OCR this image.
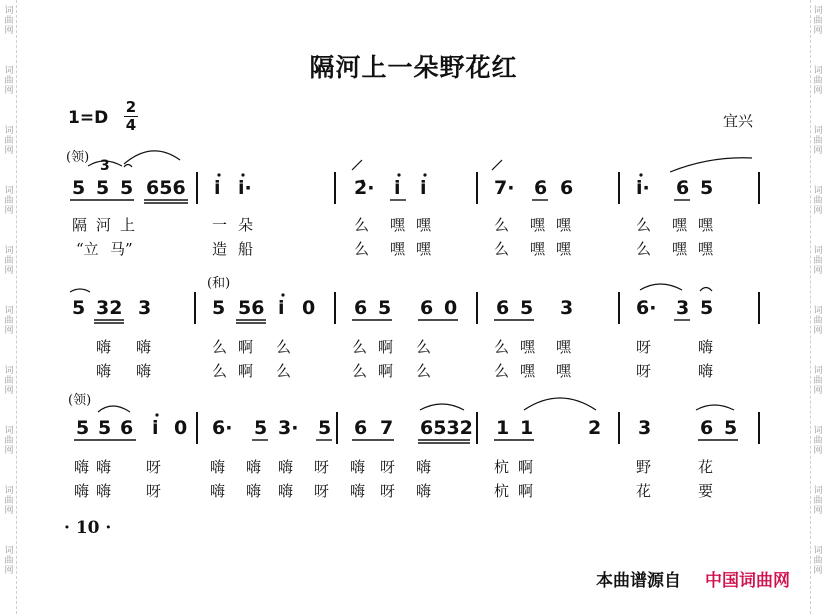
词
曲
网
词
曲
网
词
曲
网
词
曲
网
词
曲
网
词
曲
网
词
曲
网
词
曲
网
词
曲
网
词
曲
网
词
曲
网
词
曲
网
词
曲
网
词
曲
网
词
曲
网
词
曲
网
词
曲
网
词
曲
网
词
曲
网
词
曲
网
隔河上一朵野花红
1=D
2
4	宜兴
(领)
(和)
(领)
3
5 5 5 656 i i·	2̇· i i	7· 6 6	i· 6 5
隔 河 上	一 朵	么 嘿 嘿	么 嘿 嘿	么 嘿 嘿
“立 马”	造 船	么 嘿 嘿	么 嘿 嘿	么 嘿 嘿
5 32 3	5 56 i 0 6 5 6 0 6 5 3	6· 3 5
嗨 嗨	么 啊 么	么 啊 么	么 嘿 嘿	呀	嗨
嗨 嗨	么 啊 么	么 啊 么	么 嘿 嘿	呀	嗨
5 5 6 i 0 6· 5 3· 5 6 7 6532 1 1	2 3	6 5
嗨 嗨 呀	嗨 嗨 嗨 呀 嗨 呀 嗨	杭 啊	野	花
嗨 嗨 呀	嗨 嗨 嗨 呀 嗨 呀 嗨	杭 啊	花	要
· 10 ·
本曲谱源自 中国词曲网
